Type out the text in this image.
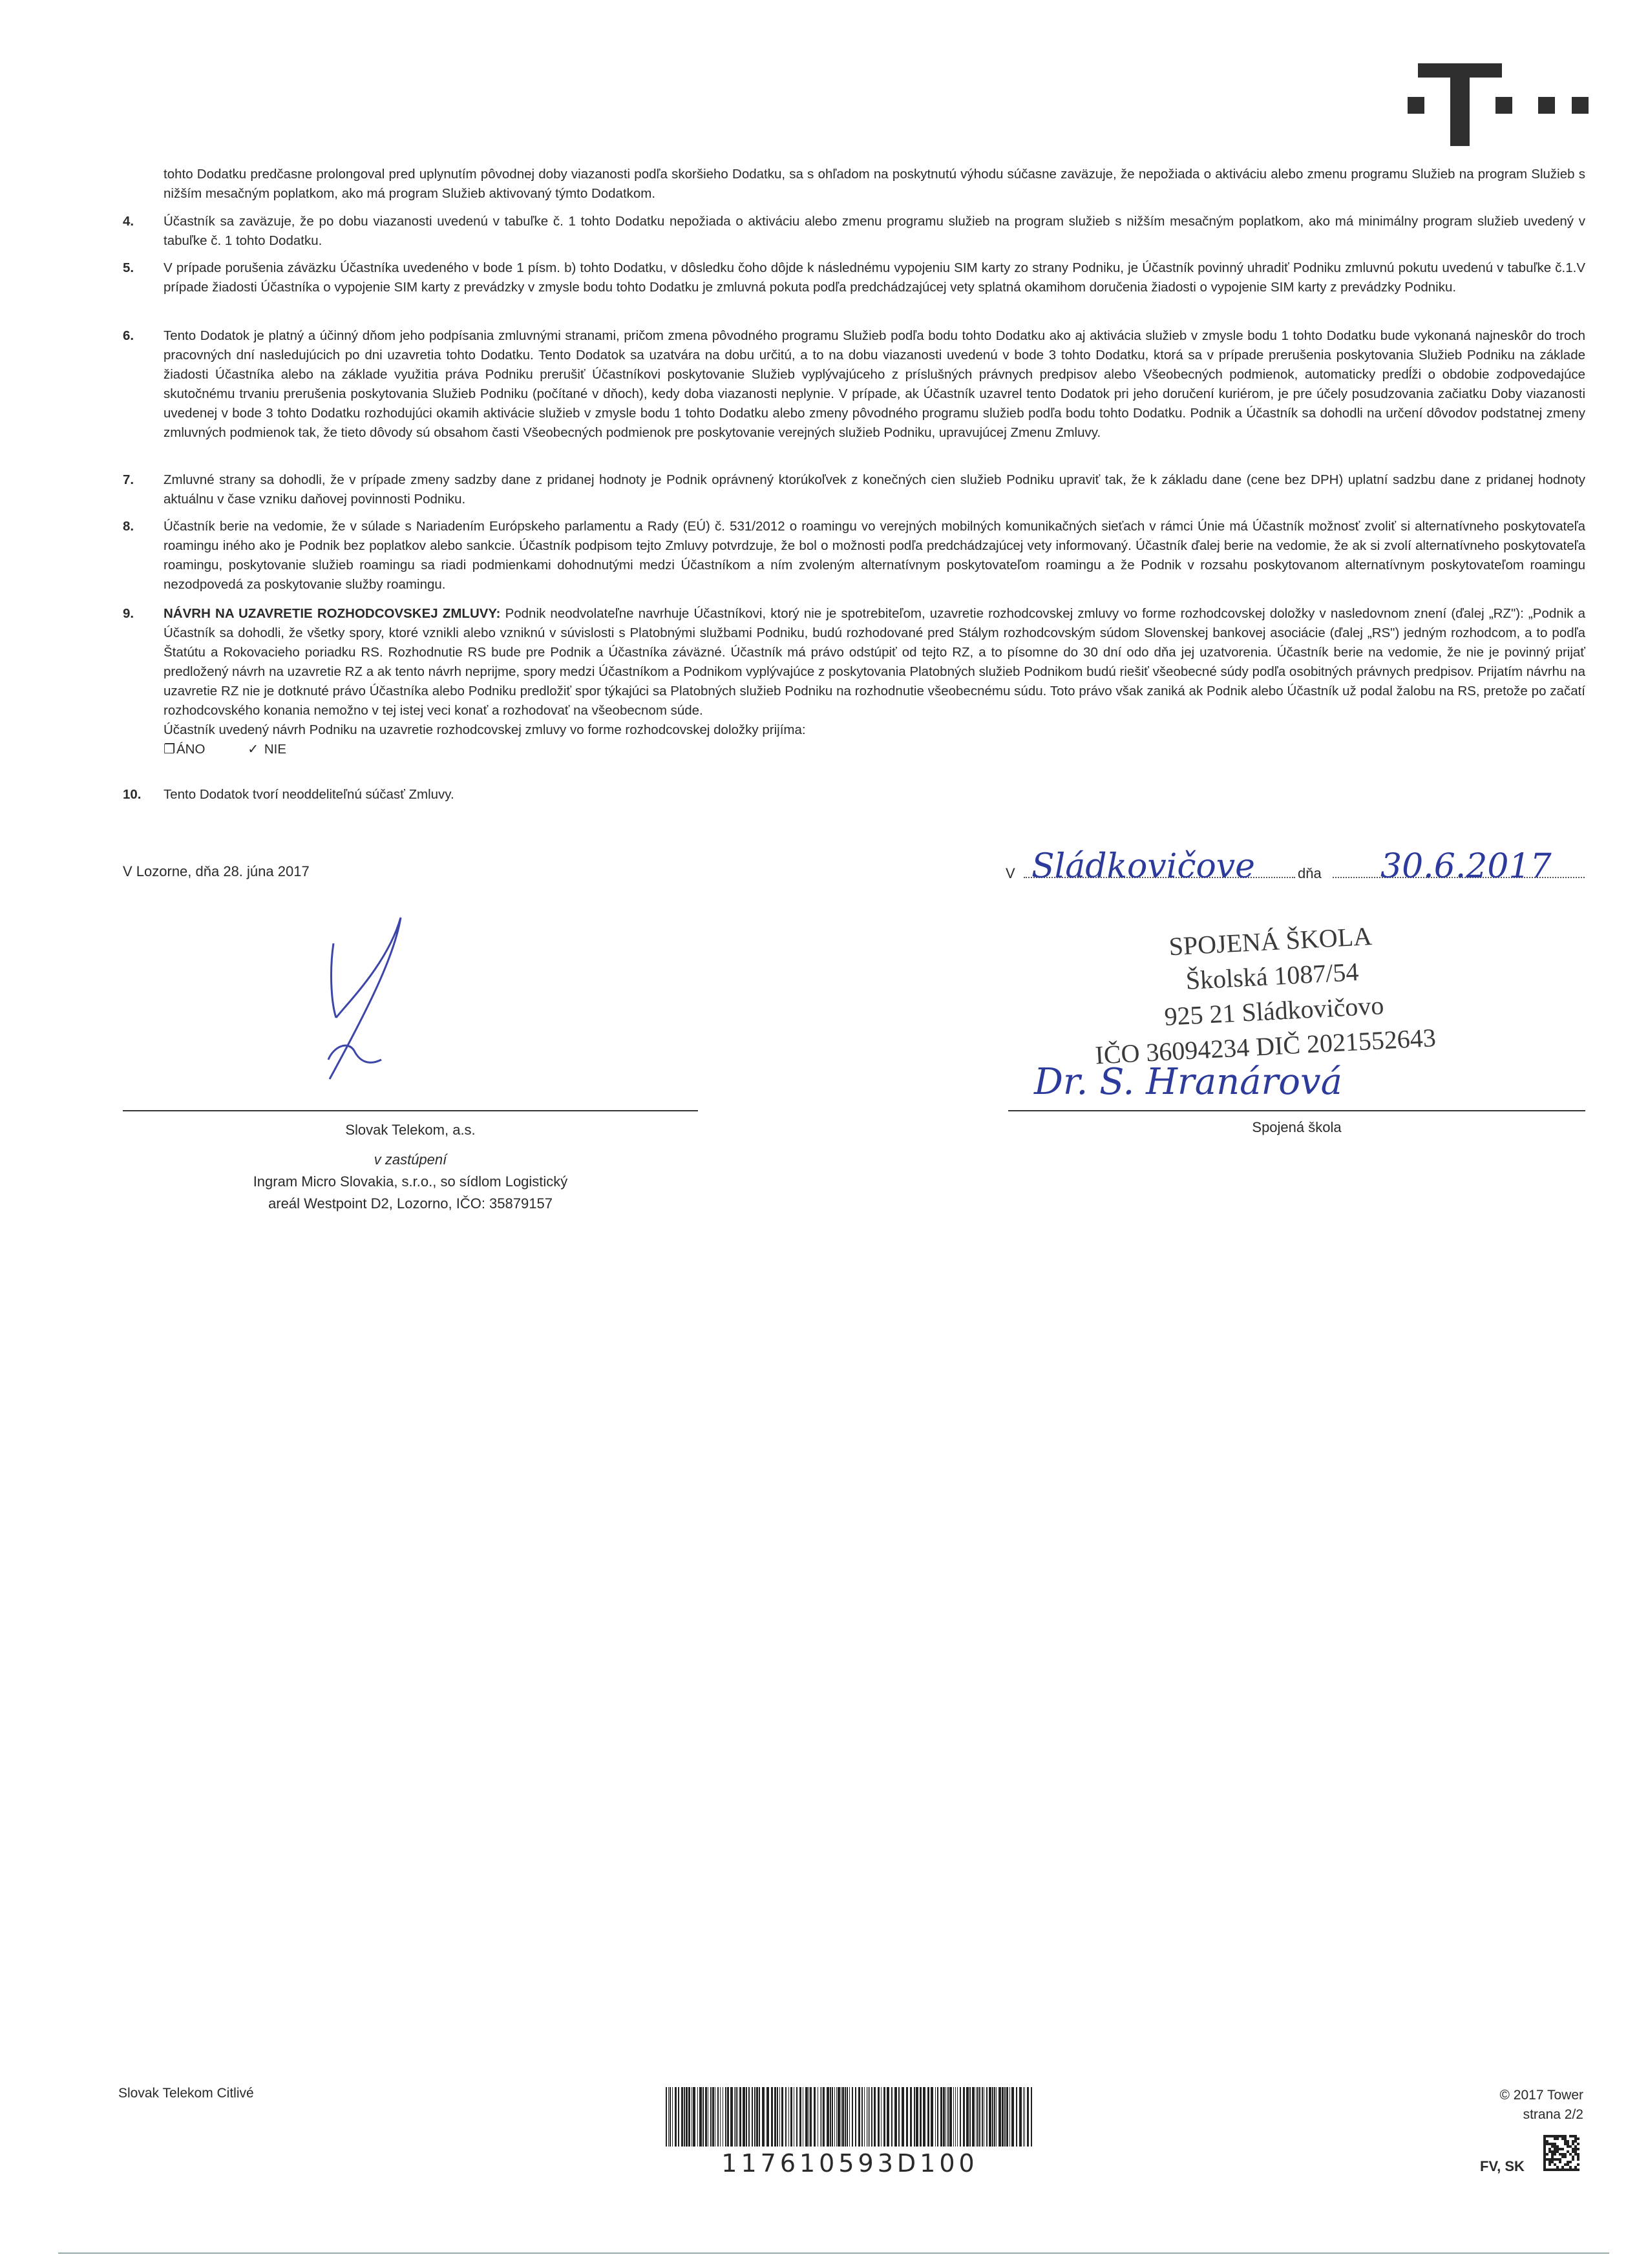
tohto Dodatku predčasne prolongoval pred uplynutím pôvodnej doby viazanosti podľa skoršieho Dodatku, sa s ohľadom na poskytnutú výhodu súčasne zaväzuje, že nepožiada o aktiváciu alebo zmenu programu Služieb na program Služieb s nižším mesačným poplatkom, ako má program Služieb aktivovaný týmto Dodatkom.
4.	Účastník sa zaväzuje, že po dobu viazanosti uvedenú v tabuľke č. 1 tohto Dodatku nepožiada o aktiváciu alebo zmenu programu služieb na program služieb s nižším mesačným poplatkom, ako má minimálny program služieb uvedený v tabuľke č. 1 tohto Dodatku.
5.	V prípade porušenia záväzku Účastníka uvedeného v bode 1 písm. b) tohto Dodatku, v dôsledku čoho dôjde k následnému vypojeniu SIM karty zo strany Podniku, je Účastník povinný uhradiť Podniku zmluvnú pokutu uvedenú v tabuľke č.1.V prípade žiadosti Účastníka o vypojenie SIM karty z prevádzky v zmysle bodu tohto Dodatku je zmluvná pokuta podľa predchádzajúcej vety splatná okamihom doručenia žiadosti o vypojenie SIM karty z prevádzky Podniku.
6.	Tento Dodatok je platný a účinný dňom jeho podpísania zmluvnými stranami, pričom zmena pôvodného programu Služieb podľa bodu tohto Dodatku ako aj aktivácia služieb v zmysle bodu 1 tohto Dodatku bude vykonaná najneskôr do troch pracovných dní nasledujúcich po dni uzavretia tohto Dodatku. Tento Dodatok sa uzatvára na dobu určitú, a to na dobu viazanosti uvedenú v bode 3 tohto Dodatku, ktorá sa v prípade prerušenia poskytovania Služieb Podniku na základe žiadosti Účastníka alebo na základe využitia práva Podniku prerušiť Účastníkovi poskytovanie Služieb vyplývajúceho z príslušných právnych predpisov alebo Všeobecných podmienok, automaticky predĺži o obdobie zodpovedajúce skutočnému trvaniu prerušenia poskytovania Služieb Podniku (počítané v dňoch), kedy doba viazanosti neplynie. V prípade, ak Účastník uzavrel tento Dodatok pri jeho doručení kuriérom, je pre účely posudzovania začiatku Doby viazanosti uvedenej v bode 3 tohto Dodatku rozhodujúci okamih aktivácie služieb v zmysle bodu 1 tohto Dodatku alebo zmeny pôvodného programu služieb podľa bodu tohto Dodatku. Podnik a Účastník sa dohodli na určení dôvodov podstatnej zmeny zmluvných podmienok tak, že tieto dôvody sú obsahom časti Všeobecných podmienok pre poskytovanie verejných služieb Podniku, upravujúcej Zmenu Zmluvy.
7.	Zmluvné strany sa dohodli, že v prípade zmeny sadzby dane z pridanej hodnoty je Podnik oprávnený ktorúkoľvek z konečných cien služieb Podniku upraviť tak, že k základu dane (cene bez DPH) uplatní sadzbu dane z pridanej hodnoty aktuálnu v čase vzniku daňovej povinnosti Podniku.
8.	Účastník berie na vedomie, že v súlade s Nariadením Európskeho parlamentu a Rady (EÚ) č. 531/2012 o roamingu vo verejných mobilných komunikačných sieťach v rámci Únie má Účastník možnosť zvoliť si alternatívneho poskytovateľa roamingu iného ako je Podnik bez poplatkov alebo sankcie. Účastník podpisom tejto Zmluvy potvrdzuje, že bol o možnosti podľa predchádzajúcej vety informovaný. Účastník ďalej berie na vedomie, že ak si zvolí alternatívneho poskytovateľa roamingu, poskytovanie služieb roamingu sa riadi podmienkami dohodnutými medzi Účastníkom a ním zvoleným alternatívnym poskytovateľom roamingu a že Podnik v rozsahu poskytovanom alternatívnym poskytovateľom roamingu nezodpovedá za poskytovanie služby roamingu.
9.	NÁVRH NA UZAVRETIE ROZHODCOVSKEJ ZMLUVY: Podnik neodvolateľne navrhuje Účastníkovi, ktorý nie je spotrebiteľom, uzavretie rozhodcovskej zmluvy vo forme rozhodcovskej doložky v nasledovnom znení (ďalej „RZ"): „Podnik a Účastník sa dohodli, že všetky spory, ktoré vznikli alebo vzniknú v súvislosti s Platobnými službami Podniku, budú rozhodované pred Stálym rozhodcovským súdom Slovenskej bankovej asociácie (ďalej „RS") jedným rozhodcom, a to podľa Štatútu a Rokovacieho poriadku RS. Rozhodnutie RS bude pre Podnik a Účastníka záväzné. Účastník má právo odstúpiť od tejto RZ, a to písomne do 30 dní odo dňa jej uzatvorenia. Účastník berie na vedomie, že nie je povinný prijať predložený návrh na uzavretie RZ a ak tento návrh neprijme, spory medzi Účastníkom a Podnikom vyplývajúce z poskytovania Platobných služieb Podnikom budú riešiť všeobecné súdy podľa osobitných právnych predpisov. Prijatím návrhu na uzavretie RZ nie je dotknuté právo Účastníka alebo Podniku predložiť spor týkajúci sa Platobných služieb Podniku na rozhodnutie všeobecnému súdu. Toto právo však zaniká ak Podnik alebo Účastník už podal žalobu na RS, pretože po začatí rozhodcovského konania nemožno v tej istej veci konať a rozhodovať na všeobecnom súde.
Účastník uvedený návrh Podniku na uzavretie rozhodcovskej zmluvy vo forme rozhodcovskej doložky prijíma:
❐ÁNO	✓ NIE
10.	Tento Dodatok tvorí neoddeliteľnú súčasť Zmluvy.
V Lozorne, dňa 28. júna 2017	V Sládkovičove	dňa 30.6.2017
SPOJENÁ ŠKOLA
Školská 1087/54
925 21 Sládkovičovo
IČO 36094234 DIČ 2021552643
Dr. S. Hranárová
Slovak Telekom, a.s.
v zastúpení
Ingram Micro Slovakia, s.r.o., so sídlom Logistický
areál Westpoint D2, Lozorno, IČO: 35879157
Spojená škola
Slovak Telekom Citlivé
117610593D100
© 2017 Tower
strana 2/2
FV, SK
